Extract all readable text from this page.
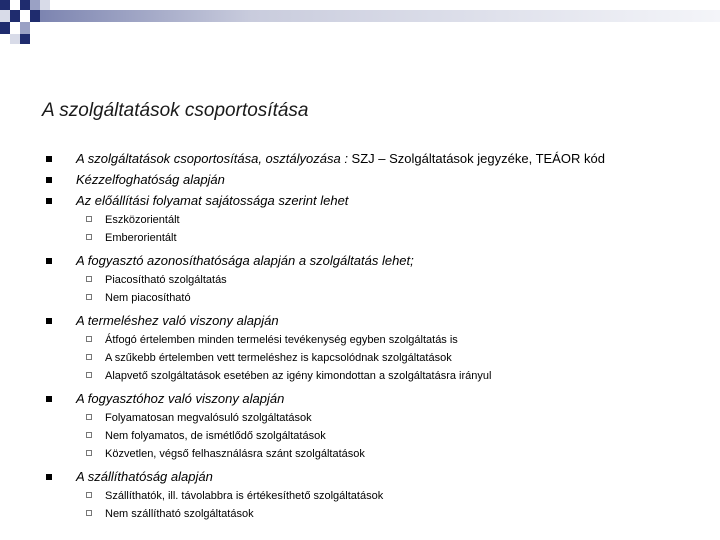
A szolgáltatások csoportosítása
A szolgáltatások csoportosítása, osztályozása : SZJ – Szolgáltatások jegyzéke, TEÁOR kód
Kézzelfoghatóság alapján
Az előállítási folyamat sajátossága szerint lehet
Eszközorientált
Emberorientált
A fogyasztó azonosíthatósága alapján a szolgáltatás lehet;
Piacosítható szolgáltatás
Nem piacosítható
A termeléshez való viszony alapján
Átfogó értelemben minden termelési tevékenység egyben szolgáltatás is
A szűkebb értelemben vett termeléshez is kapcsolódnak szolgáltatások
Alapvető szolgáltatások esetében az igény kimondottan a szolgáltatásra irányul
A fogyasztóhoz való viszony alapján
Folyamatosan megvalósuló szolgáltatások
Nem folyamatos, de ismétlődő szolgáltatások
Közvetlen, végső felhasználásra szánt szolgáltatások
A szállíthatóság alapján
Szállíthatók, ill. távolabbra is értékesíthető szolgáltatások
Nem szállítható szolgáltatások
